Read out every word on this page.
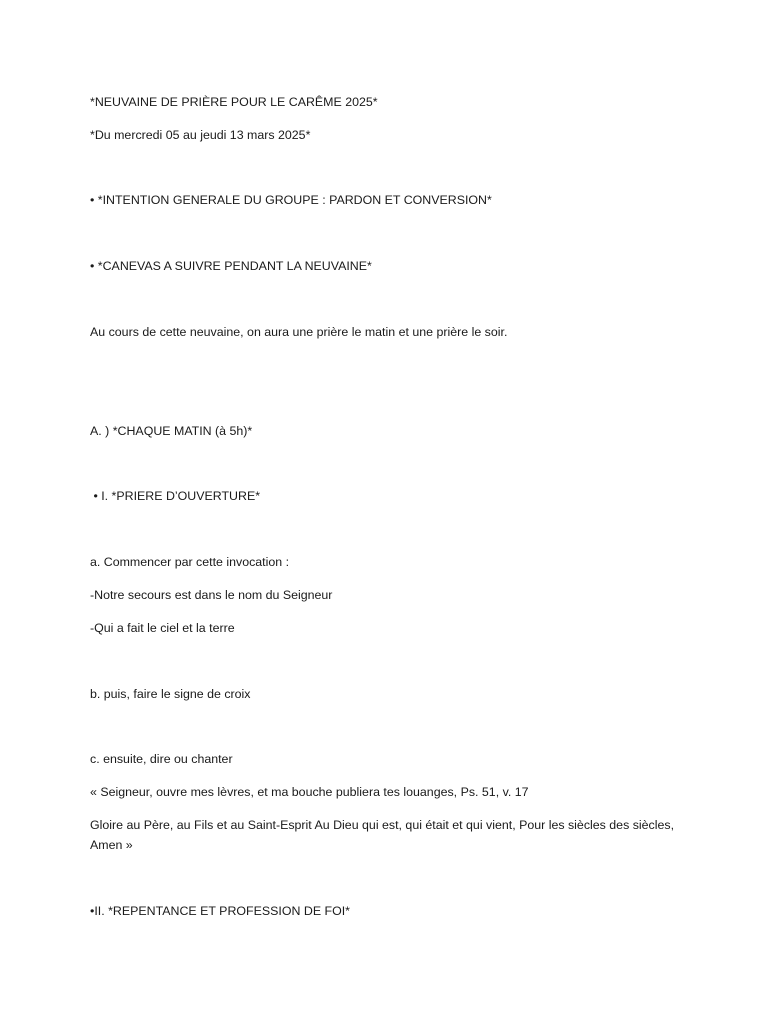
*NEUVAINE DE PRIÈRE POUR LE CARÊME 2025*
*Du mercredi 05 au jeudi 13 mars 2025*
• *INTENTION GENERALE DU GROUPE : PARDON ET CONVERSION*
• *CANEVAS A SUIVRE PENDANT LA NEUVAINE*
Au cours de cette neuvaine, on aura une prière le matin et une prière le soir.
A. ) *CHAQUE MATIN (à 5h)*
• I. *PRIERE D’OUVERTURE*
a. Commencer par cette invocation :
-Notre secours est dans le nom du Seigneur
-Qui a fait le ciel et la terre
b. puis, faire le signe de croix
c. ensuite, dire ou chanter
« Seigneur, ouvre mes lèvres, et ma bouche publiera tes louanges, Ps. 51, v. 17
Gloire au Père, au Fils et au Saint-Esprit Au Dieu qui est, qui était et qui vient, Pour les siècles des siècles, Amen »
•II. *REPENTANCE ET PROFESSION DE FOI*
